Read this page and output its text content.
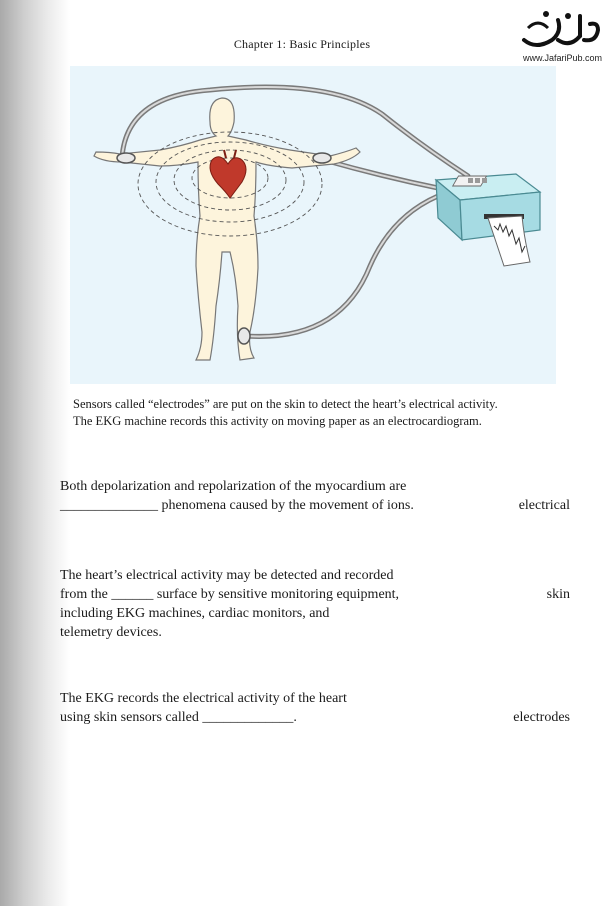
Chapter 1: Basic Principles
www.JafariPub.com
Sensors called “electrodes” are put on the skin to detect the heart’s electrical activity.
The EKG machine records this activity on moving paper as an electrocardiogram.
Both depolarization and repolarization of the myocardium are
______________ phenomena caused by the movement of ions.	electrical
The heart’s electrical activity may be detected and recorded
from the ______ surface by sensitive monitoring equipment,
including EKG machines, cardiac monitors, and
telemetry devices.
skin
The EKG records the electrical activity of the heart
using skin sensors called _____________.	electrodes
